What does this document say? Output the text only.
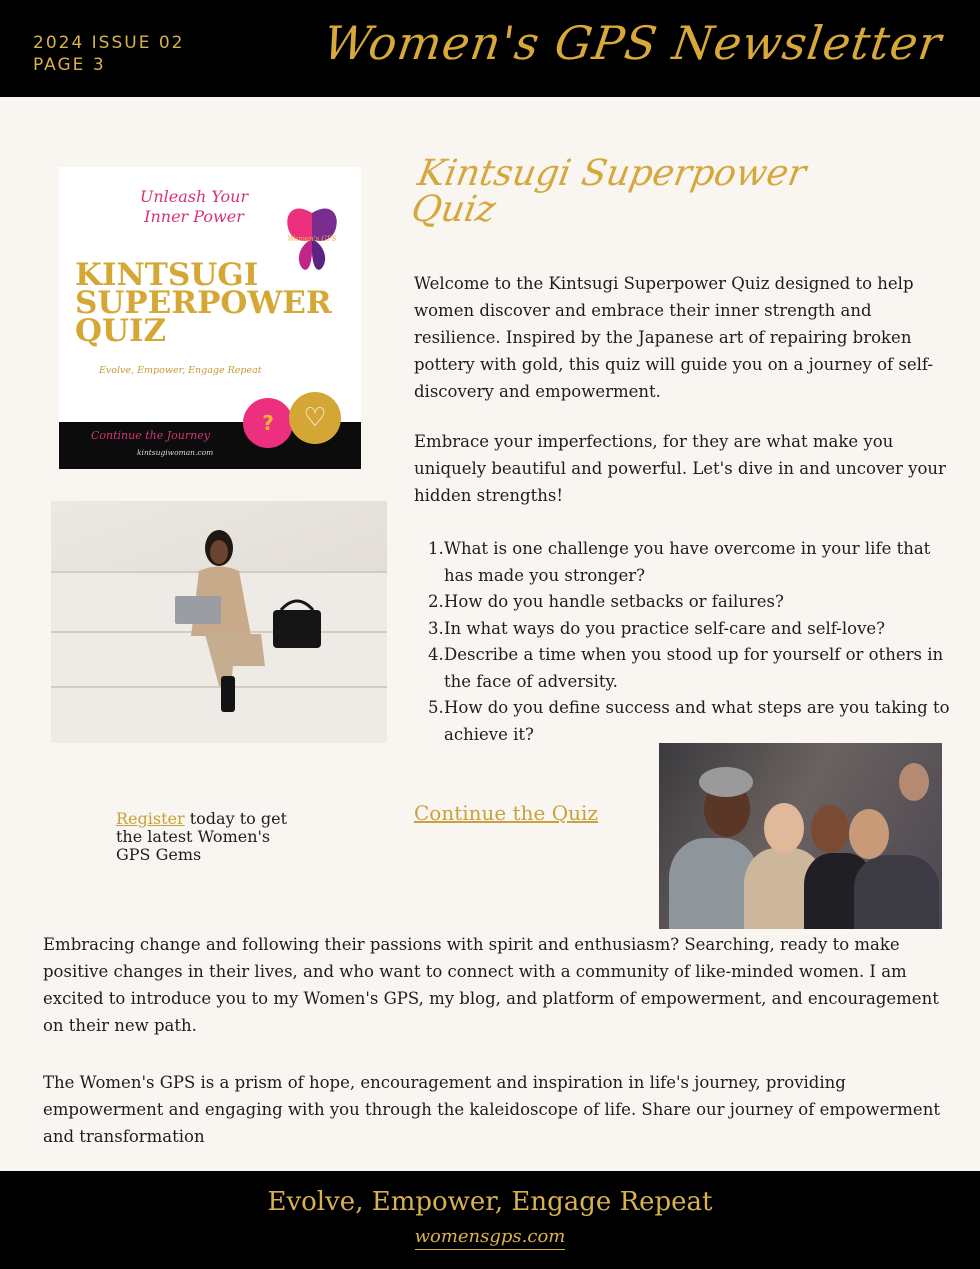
2024 ISSUE 02
PAGE 3	Women's GPS Newsletter
Unleash Your Inner Power
Women's GPS
KINTSUGI
SUPERPOWER
QUIZ
Evolve, Empower, Engage Repeat
Continue the Journey
kintsugiwoman.com
?	♡
Kintsugi Superpower Quiz
Welcome to the Kintsugi Superpower Quiz designed to help women discover and embrace their inner strength and resilience. Inspired by the Japanese art of repairing broken pottery with gold, this quiz will guide you on a journey of self-discovery and empowerment.
Embrace your imperfections, for they are what make you uniquely beautiful and powerful. Let's dive in and uncover your hidden strengths!
1. What is one challenge you have overcome in your life that has made you stronger?
2. How do you handle setbacks or failures?
3. In what ways do you practice self-care and self-love?
4. Describe a time when you stood up for yourself or others in the face of adversity.
5. How do you define success and what steps are you taking to achieve it?
Register today to get the latest Women's GPS Gems
Continue the Quiz
Embracing change and following their passions with spirit and enthusiasm? Searching, ready to make positive changes in their lives, and who want to connect with a community of like-minded women. I am excited to introduce you to my Women's GPS, my blog, and platform of empowerment, and encouragement on their new path.
The Women's GPS is a prism of hope, encouragement and inspiration in life's journey, providing empowerment and engaging with you through the kaleidoscope of life. Share our journey of empowerment and transformation
Evolve, Empower, Engage Repeat
womensgps.com
